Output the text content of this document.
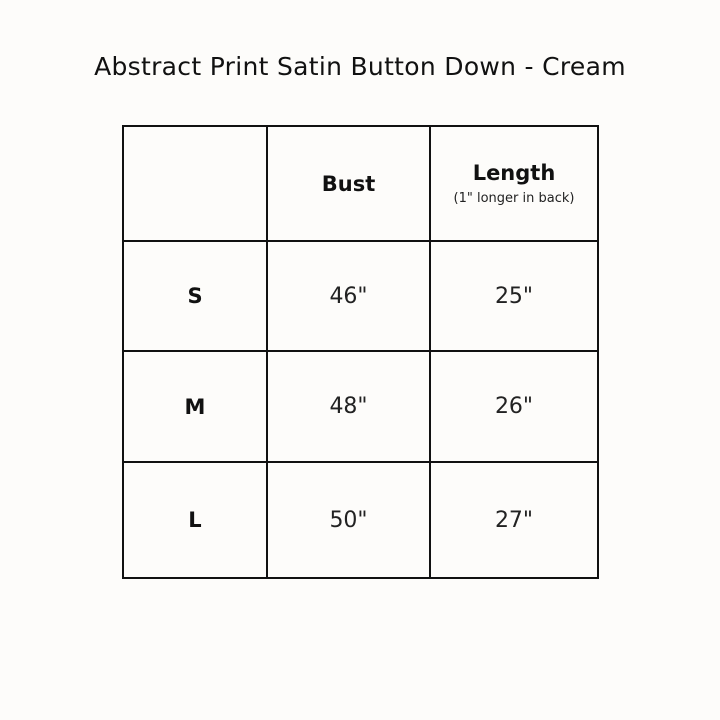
Abstract Print Satin Button Down - Cream

	Bust	Length
(1" longer in back)

S	46"	25"
M	48"	26"
L	50"	27"
